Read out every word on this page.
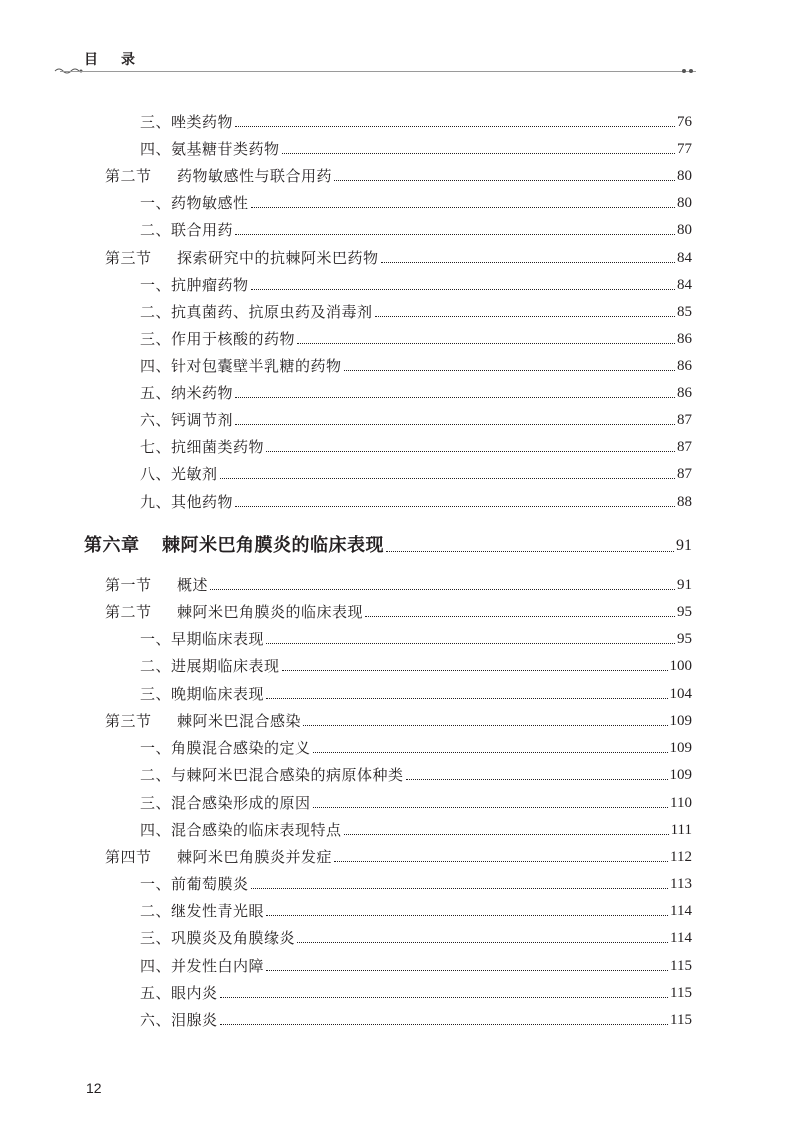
目 录
三、唑类药物	76
四、氨基糖苷类药物	77
第二节	药物敏感性与联合用药	80
一、药物敏感性	80
二、联合用药	80
第三节	探索研究中的抗棘阿米巴药物	84
一、抗肿瘤药物	84
二、抗真菌药、抗原虫药及消毒剂	85
三、作用于核酸的药物	86
四、针对包囊壁半乳糖的药物	86
五、纳米药物	86
六、钙调节剂	87
七、抗细菌类药物	87
八、光敏剂	87
九、其他药物	88
第六章	棘阿米巴角膜炎的临床表现	91
第一节	概述	91
第二节	棘阿米巴角膜炎的临床表现	95
一、早期临床表现	95
二、进展期临床表现	100
三、晚期临床表现	104
第三节	棘阿米巴混合感染	109
一、角膜混合感染的定义	109
二、与棘阿米巴混合感染的病原体种类	109
三、混合感染形成的原因	110
四、混合感染的临床表现特点	111
第四节	棘阿米巴角膜炎并发症	112
一、前葡萄膜炎	113
二、继发性青光眼	114
三、巩膜炎及角膜缘炎	114
四、并发性白内障	115
五、眼内炎	115
六、泪腺炎	115
12
